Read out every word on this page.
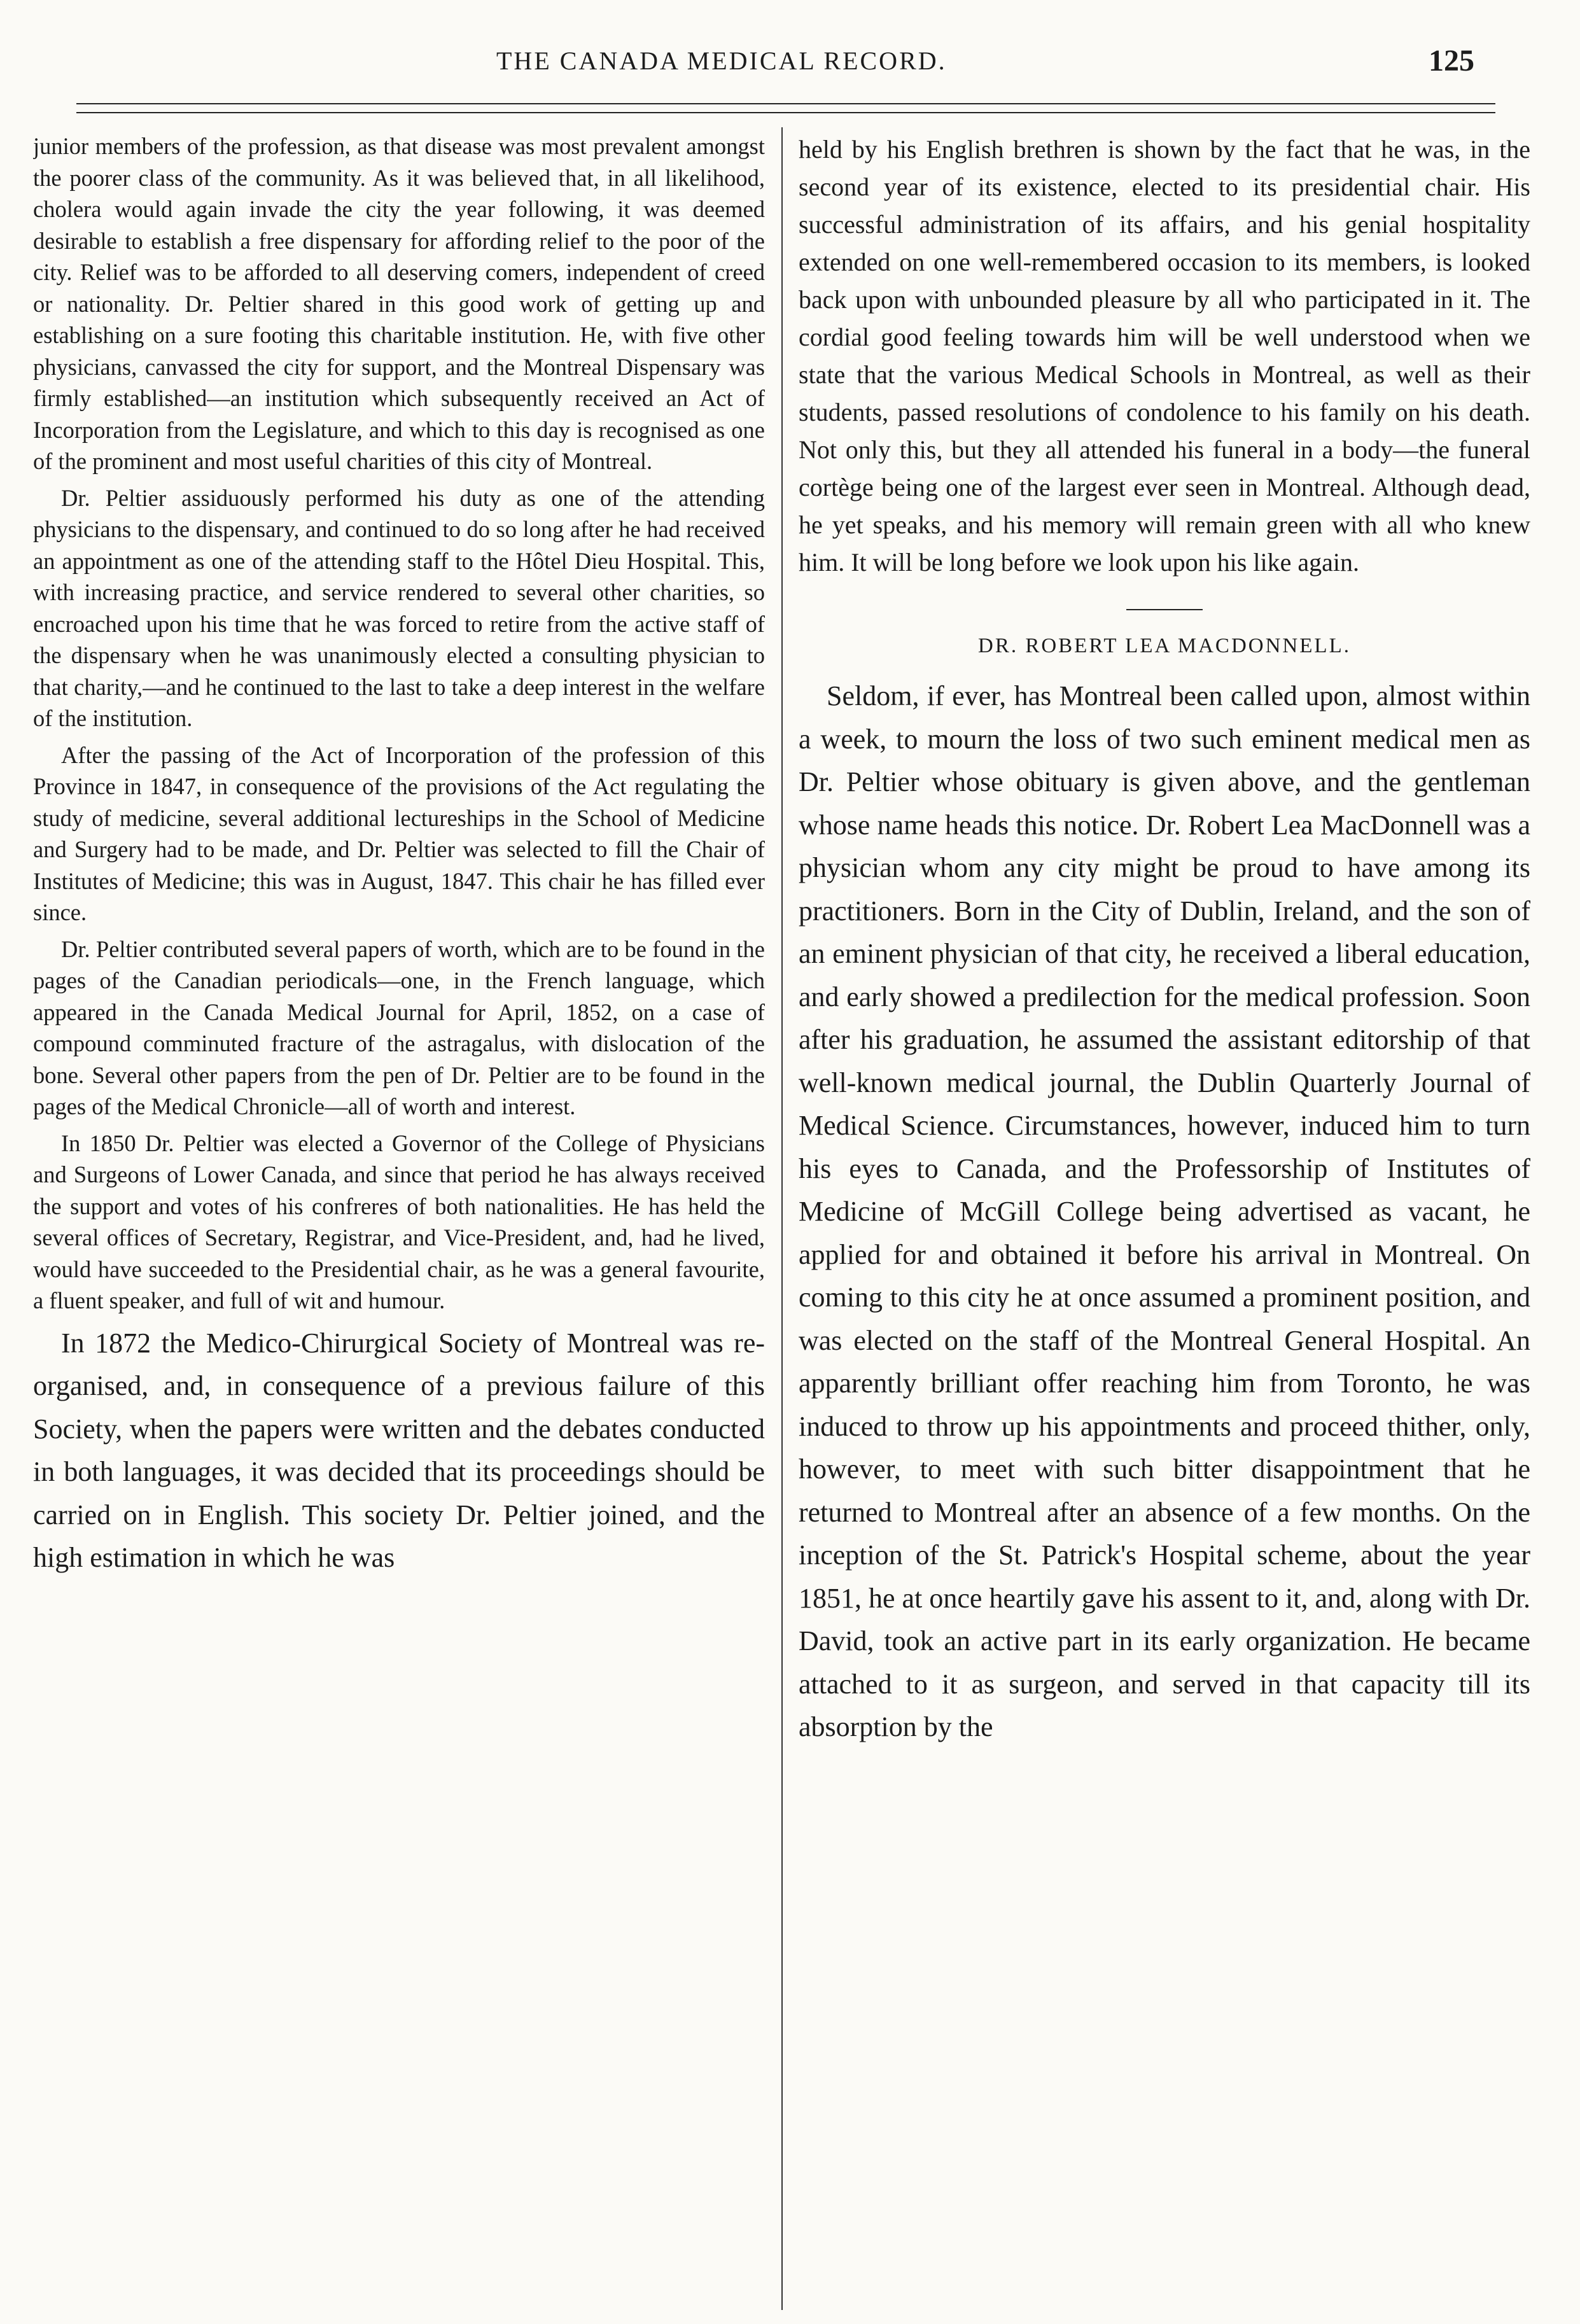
THE CANADA MEDICAL RECORD.	125

junior members of the profession, as that disease was most prevalent amongst the poorer class of the community. As it was believed that, in all likelihood, cholera would again invade the city the year following, it was deemed desirable to establish a free dispensary for affording relief to the poor of the city. Relief was to be afforded to all deserving comers, independent of creed or nationality. Dr. Peltier shared in this good work of getting up and establishing on a sure footing this charitable institution. He, with five other physicians, canvassed the city for support, and the Montreal Dispensary was firmly established—an institution which subsequently received an Act of Incorporation from the Legislature, and which to this day is recognised as one of the prominent and most useful charities of this city of Montreal.

Dr. Peltier assiduously performed his duty as one of the attending physicians to the dispensary, and continued to do so long after he had received an appointment as one of the attending staff to the Hôtel Dieu Hospital. This, with increasing practice, and service rendered to several other charities, so encroached upon his time that he was forced to retire from the active staff of the dispensary when he was unanimously elected a consulting physician to that charity,—and he continued to the last to take a deep interest in the welfare of the institution.

After the passing of the Act of Incorporation of the profession of this Province in 1847, in consequence of the provisions of the Act regulating the study of medicine, several additional lectureships in the School of Medicine and Surgery had to be made, and Dr. Peltier was selected to fill the Chair of Institutes of Medicine; this was in August, 1847. This chair he has filled ever since.

Dr. Peltier contributed several papers of worth, which are to be found in the pages of the Canadian periodicals—one, in the French language, which appeared in the Canada Medical Journal for April, 1852, on a case of compound comminuted fracture of the astragalus, with dislocation of the bone. Several other papers from the pen of Dr. Peltier are to be found in the pages of the Medical Chronicle—all of worth and interest.

In 1850 Dr. Peltier was elected a Governor of the College of Physicians and Surgeons of Lower Canada, and since that period he has always received the support and votes of his confreres of both nationalities. He has held the several offices of Secretary, Registrar, and Vice-President, and, had he lived, would have succeeded to the Presidential chair, as he was a general favourite, a fluent speaker, and full of wit and humour.

In 1872 the Medico-Chirurgical Society of Montreal was re-organised, and, in consequence of a previous failure of this Society, when the papers were written and the debates conducted in both languages, it was decided that its proceedings should be carried on in English. This society Dr. Peltier joined, and the high estimation in which he was

held by his English brethren is shown by the fact that he was, in the second year of its existence, elected to its presidential chair. His successful administration of its affairs, and his genial hospitality extended on one well-remembered occasion to its members, is looked back upon with unbounded pleasure by all who participated in it. The cordial good feeling towards him will be well understood when we state that the various Medical Schools in Montreal, as well as their students, passed resolutions of condolence to his family on his death. Not only this, but they all attended his funeral in a body—the funeral cortège being one of the largest ever seen in Montreal. Although dead, he yet speaks, and his memory will remain green with all who knew him. It will be long before we look upon his like again.

DR. ROBERT LEA MACDONNELL.

Seldom, if ever, has Montreal been called upon, almost within a week, to mourn the loss of two such eminent medical men as Dr. Peltier whose obituary is given above, and the gentleman whose name heads this notice. Dr. Robert Lea MacDonnell was a physician whom any city might be proud to have among its practitioners. Born in the City of Dublin, Ireland, and the son of an eminent physician of that city, he received a liberal education, and early showed a predilection for the medical profession. Soon after his graduation, he assumed the assistant editorship of that well-known medical journal, the Dublin Quarterly Journal of Medical Science. Circumstances, however, induced him to turn his eyes to Canada, and the Professorship of Institutes of Medicine of McGill College being advertised as vacant, he applied for and obtained it before his arrival in Montreal. On coming to this city he at once assumed a prominent position, and was elected on the staff of the Montreal General Hospital. An apparently brilliant offer reaching him from Toronto, he was induced to throw up his appointments and proceed thither, only, however, to meet with such bitter disappointment that he returned to Montreal after an absence of a few months. On the inception of the St. Patrick's Hospital scheme, about the year 1851, he at once heartily gave his assent to it, and, along with Dr. David, took an active part in its early organization. He became attached to it as surgeon, and served in that capacity till its absorption by the
